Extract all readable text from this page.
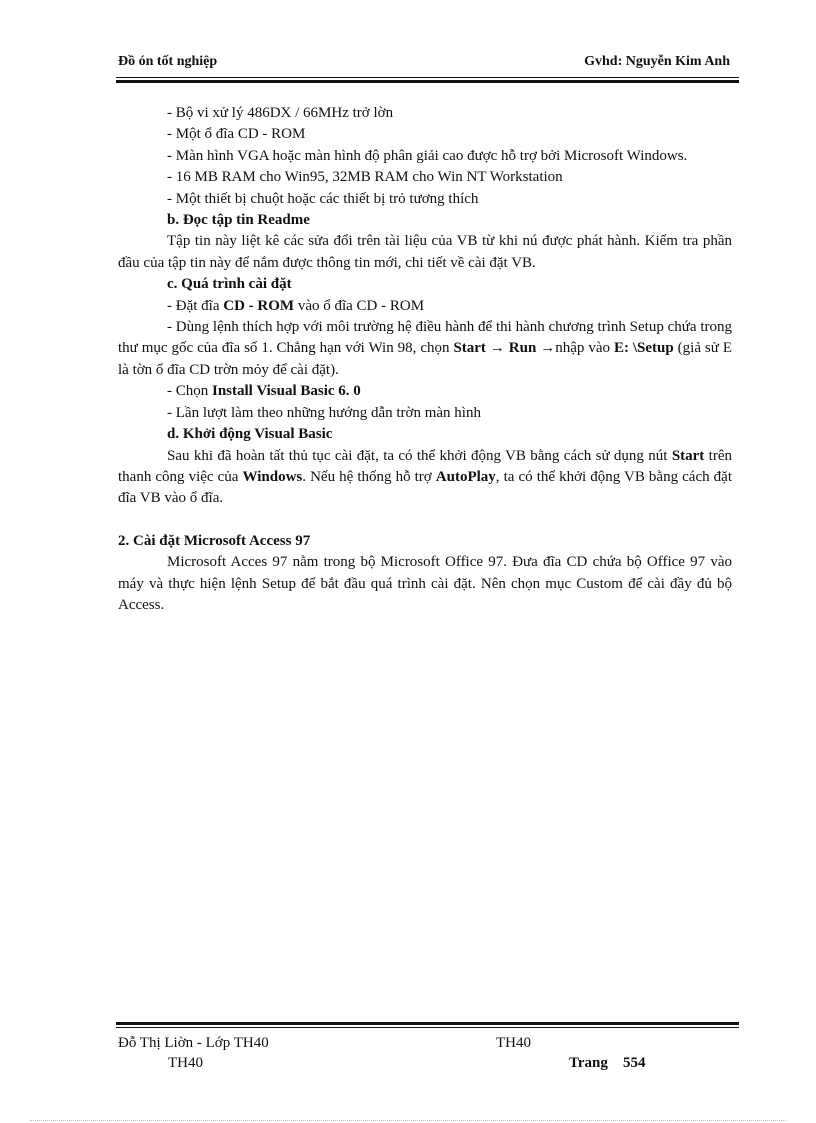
Đồ ón tốt nghiệp	Gvhd: Nguyễn Kim Anh

- Bộ vi xử lý 486DX / 66MHz trở lờn

- Một ổ đĩa CD - ROM

- Màn hình VGA hoặc màn hình độ phân giải cao được hỗ trợ bởi Microsoft Windows.

- 16 MB RAM cho Win95, 32MB RAM cho Win NT Workstation

- Một thiết bị chuột hoặc các thiết bị trỏ tương thích

b. Đọc tập tin Readme

Tập tin này liệt kê các sửa đổi trên tài liệu của VB từ khi nú được phát hành. Kiểm tra phần đầu của tập tin này để nắm được thông tin mới, chi tiết về cài đặt VB.

c. Quá trình cài đặt

- Đặt đĩa CD - ROM vào ổ đĩa CD - ROM

- Dùng lệnh thích hợp với môi trường hệ điều hành để thi hành chương trình Setup chứa trong thư mục gốc của đĩa số 1. Chẳng hạn với Win 98, chọn Start → Run →nhập vào E: \Setup (giả sử E là tờn ổ đĩa CD trờn mỏy để cài đặt).

- Chọn Install Visual Basic 6. 0

- Lần lượt làm theo những hướng dẫn trờn màn hình

d. Khởi động Visual Basic

Sau khi đã hoàn tất thủ tục cài đặt, ta có thể khởi động VB bằng cách sử dụng nút Start trên thanh công việc của Windows. Nếu hệ thống hỗ trợ AutoPlay, ta có thể khởi động VB bằng cách đặt đĩa VB vào ổ đĩa.

2. Cài đặt Microsoft Access 97

Microsoft Acces 97 nằm trong bộ Microsoft Office 97. Đưa đĩa CD chứa bộ Office 97 vào máy và thực hiện lệnh Setup để bắt đầu quá trình cài đặt. Nên chọn mục Custom để cài đầy đủ bộ Access.

Đỗ Thị Liờn - Lớp TH40	TH40
TH40	Trang 554
